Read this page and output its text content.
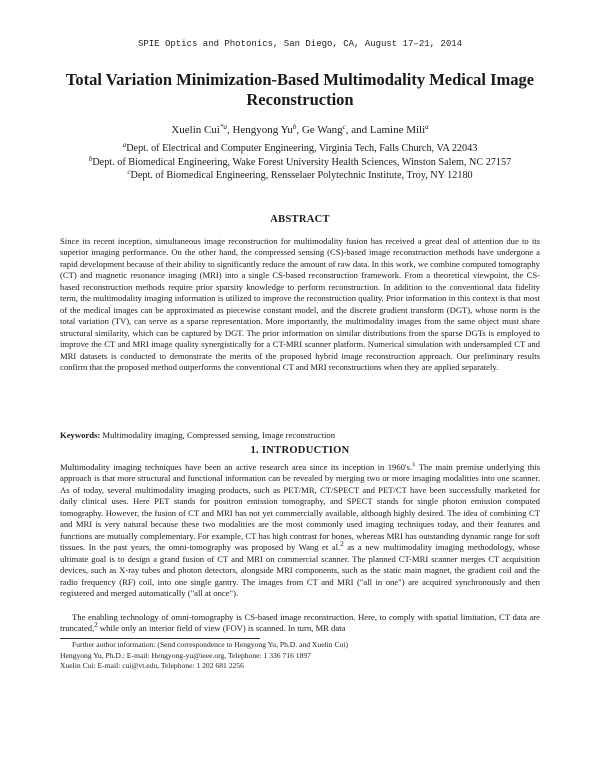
SPIE Optics and Photonics, San Diego, CA, August 17–21, 2014
Total Variation Minimization-Based Multimodality Medical Image Reconstruction
Xuelin Cui$^{*a}$, Hengyong Yu$^b$, Ge Wang$^c$, and Lamine Mili$^a$
$^a$Dept. of Electrical and Computer Engineering, Virginia Tech, Falls Church, VA 22043
$^b$Dept. of Biomedical Engineering, Wake Forest University Health Sciences, Winston Salem, NC 27157
$^c$Dept. of Biomedical Engineering, Rensselaer Polytechnic Institute, Troy, NY 12180
ABSTRACT
Since its recent inception, simultaneous image reconstruction for multimodality fusion has received a great deal of attention due to its superior imaging performance. On the other hand, the compressed sensing (CS)-based image reconstruction methods have undergone a rapid development because of their ability to significantly reduce the amount of raw data. In this work, we combine computed tomography (CT) and magnetic resonance imaging (MRI) into a single CS-based reconstruction framework. From a theoretical viewpoint, the CS-based reconstruction methods require prior sparsity knowledge to perform reconstruction. In addition to the conventional data fidelity term, the multimodality imaging information is utilized to improve the reconstruction quality. Prior information in this context is that most of the medical images can be approximated as piecewise constant model, and the discrete gradient transform (DGT), whose norm is the total variation (TV), can serve as a sparse representation. More importantly, the multimodality images from the same object must share structural similarity, which can be captured by DGT. The prior information on similar distributions from the sparse DGTs is employed to improve the CT and MRI image quality synergistically for a CT-MRI scanner platform. Numerical simulation with undersampled CT and MRI datasets is conducted to demonstrate the merits of the proposed hybrid image reconstruction approach. Our preliminary results confirm that the proposed method outperforms the conventional CT and MRI reconstructions when they are applied separately.
Keywords: Multimodality imaging, Compressed sensing, Image reconstruction
1. INTRODUCTION
Multimodality imaging techniques have been an active research area since its inception in 1960's.$^1$ The main premise underlying this approach is that more structural and functional information can be revealed by merging two or more imaging modalities into one scanner. As of today, several multimodality imaging products, such as PET/MR, CT/SPECT and PET/CT have been successfully marketed for daily clinical uses. Here PET stands for positron emission tomography, and SPECT stands for single photon emission computed tomography. However, the fusion of CT and MRI has not yet commercially available, although highly desired. The idea of combining CT and MRI is very natural because these two modalities are the most commonly used imaging techniques today, and their features and functions are mutually complementary. For example, CT has high contrast for bones, whereas MRI has outstanding dynamic range for soft tissues. In the past years, the omni-tomography was proposed by Wang et al.$^2$ as a new multimodality imaging methodology, whose ultimate goal is to design a grand fusion of CT and MRI on commercial scanner. The planned CT-MRI scanner merges CT acquisition devices, such as X-ray tubes and photon detectors, alongside MRI components, such as the static main magnet, the gradient coil and the radio frequency (RF) coil, into one single gantry. The images from CT and MRI ("all in one") are acquired synchronously and then registered and merged automatically ("all at once").
The enabling technology of omni-tomography is CS-based image reconstruction. Here, to comply with spatial limitation, CT data are truncated,$^2$ while only an interior field of view (FOV) is scanned. In turn, MR data
Further author information: (Send correspondence to Hengyong Yu, Ph.D. and Xuelin Cui)
Hengyong Yu, Ph.D.: E-mail: Hengyong-yu@ieee.org, Telephone: 1 336 716 1897
Xuelin Cui: E-mail: cui@vt.edu, Telephone: 1 202 681 2256
